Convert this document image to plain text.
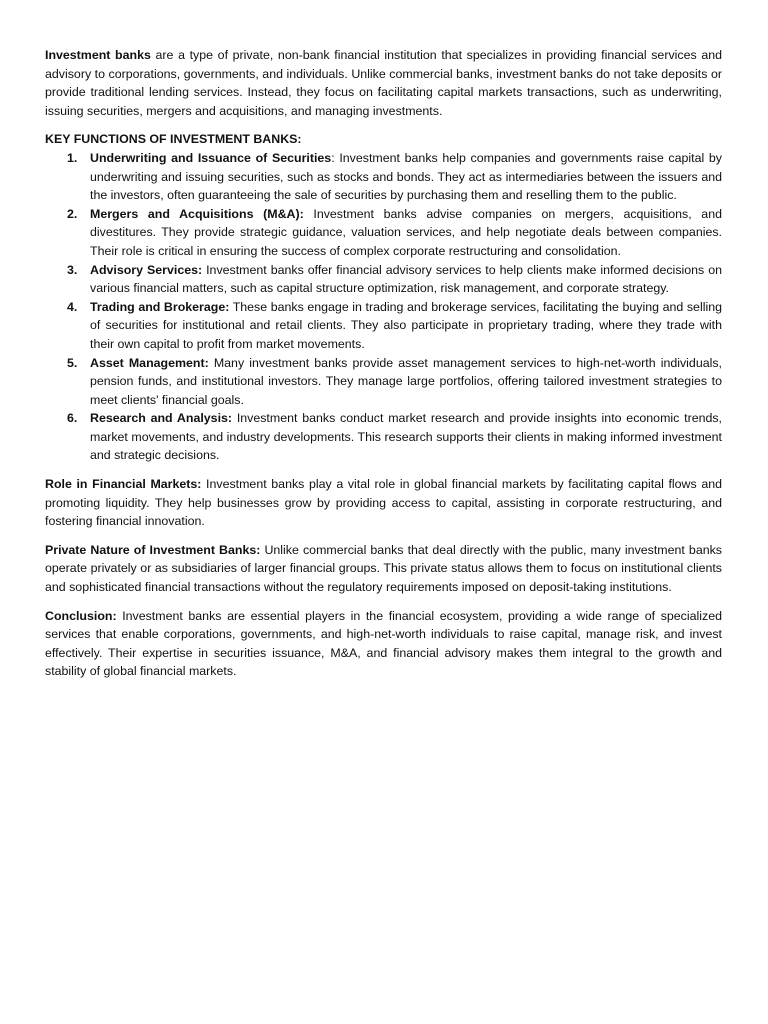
Investment banks are a type of private, non-bank financial institution that specializes in providing financial services and advisory to corporations, governments, and individuals. Unlike commercial banks, investment banks do not take deposits or provide traditional lending services. Instead, they focus on facilitating capital markets transactions, such as underwriting, issuing securities, mergers and acquisitions, and managing investments.

KEY FUNCTIONS OF INVESTMENT BANKS:

1. Underwriting and Issuance of Securities: Investment banks help companies and governments raise capital by underwriting and issuing securities, such as stocks and bonds. They act as intermediaries between the issuers and the investors, often guaranteeing the sale of securities by purchasing them and reselling them to the public.
2. Mergers and Acquisitions (M&A): Investment banks advise companies on mergers, acquisitions, and divestitures. They provide strategic guidance, valuation services, and help negotiate deals between companies. Their role is critical in ensuring the success of complex corporate restructuring and consolidation.
3. Advisory Services: Investment banks offer financial advisory services to help clients make informed decisions on various financial matters, such as capital structure optimization, risk management, and corporate strategy.
4. Trading and Brokerage: These banks engage in trading and brokerage services, facilitating the buying and selling of securities for institutional and retail clients. They also participate in proprietary trading, where they trade with their own capital to profit from market movements.
5. Asset Management: Many investment banks provide asset management services to high-net-worth individuals, pension funds, and institutional investors. They manage large portfolios, offering tailored investment strategies to meet clients' financial goals.
6. Research and Analysis: Investment banks conduct market research and provide insights into economic trends, market movements, and industry developments. This research supports their clients in making informed investment and strategic decisions.

Role in Financial Markets: Investment banks play a vital role in global financial markets by facilitating capital flows and promoting liquidity. They help businesses grow by providing access to capital, assisting in corporate restructuring, and fostering financial innovation.

Private Nature of Investment Banks: Unlike commercial banks that deal directly with the public, many investment banks operate privately or as subsidiaries of larger financial groups. This private status allows them to focus on institutional clients and sophisticated financial transactions without the regulatory requirements imposed on deposit-taking institutions.

Conclusion: Investment banks are essential players in the financial ecosystem, providing a wide range of specialized services that enable corporations, governments, and high-net-worth individuals to raise capital, manage risk, and invest effectively. Their expertise in securities issuance, M&A, and financial advisory makes them integral to the growth and stability of global financial markets.
